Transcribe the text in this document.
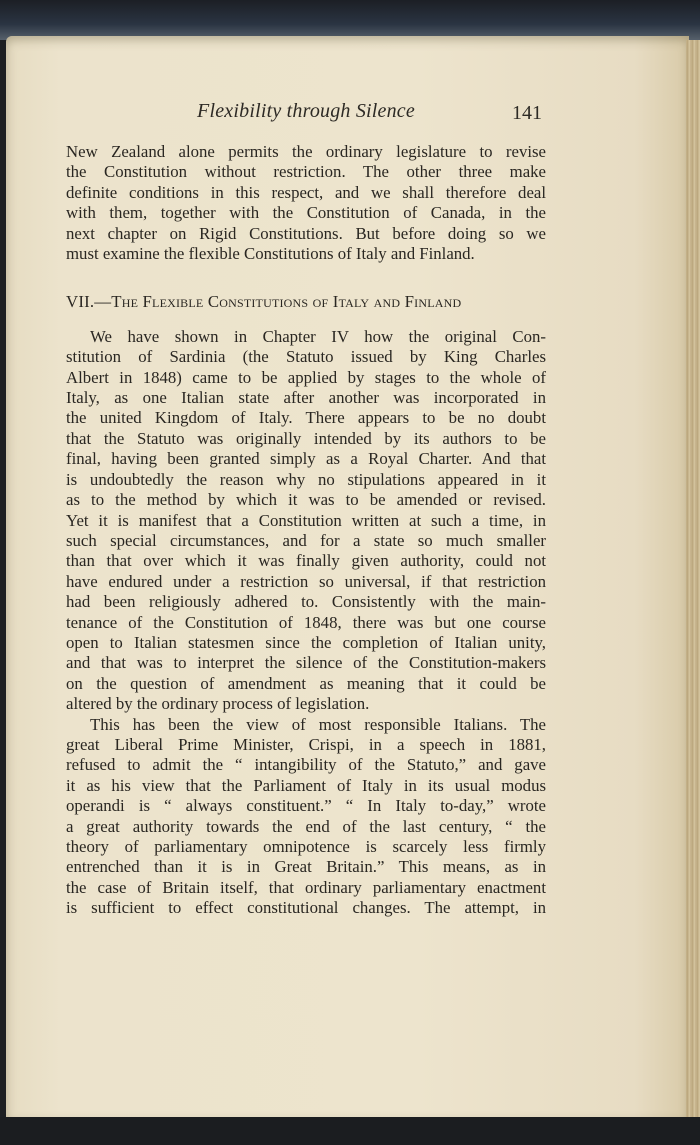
Flexibility through Silence	141

New Zealand alone permits the ordinary legislature to revise
the Constitution without restriction. The other three make
definite conditions in this respect, and we shall therefore deal
with them, together with the Constitution of Canada, in the
next chapter on Rigid Constitutions. But before doing so we
must examine the flexible Constitutions of Italy and Finland.

VII.—The Flexible Constitutions of Italy and Finland

We have shown in Chapter IV how the original Con-
stitution of Sardinia (the Statuto issued by King Charles
Albert in 1848) came to be applied by stages to the whole of
Italy, as one Italian state after another was incorporated in
the united Kingdom of Italy. There appears to be no doubt
that the Statuto was originally intended by its authors to be
final, having been granted simply as a Royal Charter. And that
is undoubtedly the reason why no stipulations appeared in it
as to the method by which it was to be amended or revised.
Yet it is manifest that a Constitution written at such a time, in
such special circumstances, and for a state so much smaller
than that over which it was finally given authority, could not
have endured under a restriction so universal, if that restriction
had been religiously adhered to. Consistently with the main-
tenance of the Constitution of 1848, there was but one course
open to Italian statesmen since the completion of Italian unity,
and that was to interpret the silence of the Constitution-makers
on the question of amendment as meaning that it could be
altered by the ordinary process of legislation.

This has been the view of most responsible Italians. The
great Liberal Prime Minister, Crispi, in a speech in 1881,
refused to admit the “ intangibility of the Statuto,” and gave
it as his view that the Parliament of Italy in its usual modus
operandi is “ always constituent.” “ In Italy to-day,” wrote
a great authority towards the end of the last century, “ the
theory of parliamentary omnipotence is scarcely less firmly
entrenched than it is in Great Britain.” This means, as in
the case of Britain itself, that ordinary parliamentary enactment
is sufficient to effect constitutional changes. The attempt, in
